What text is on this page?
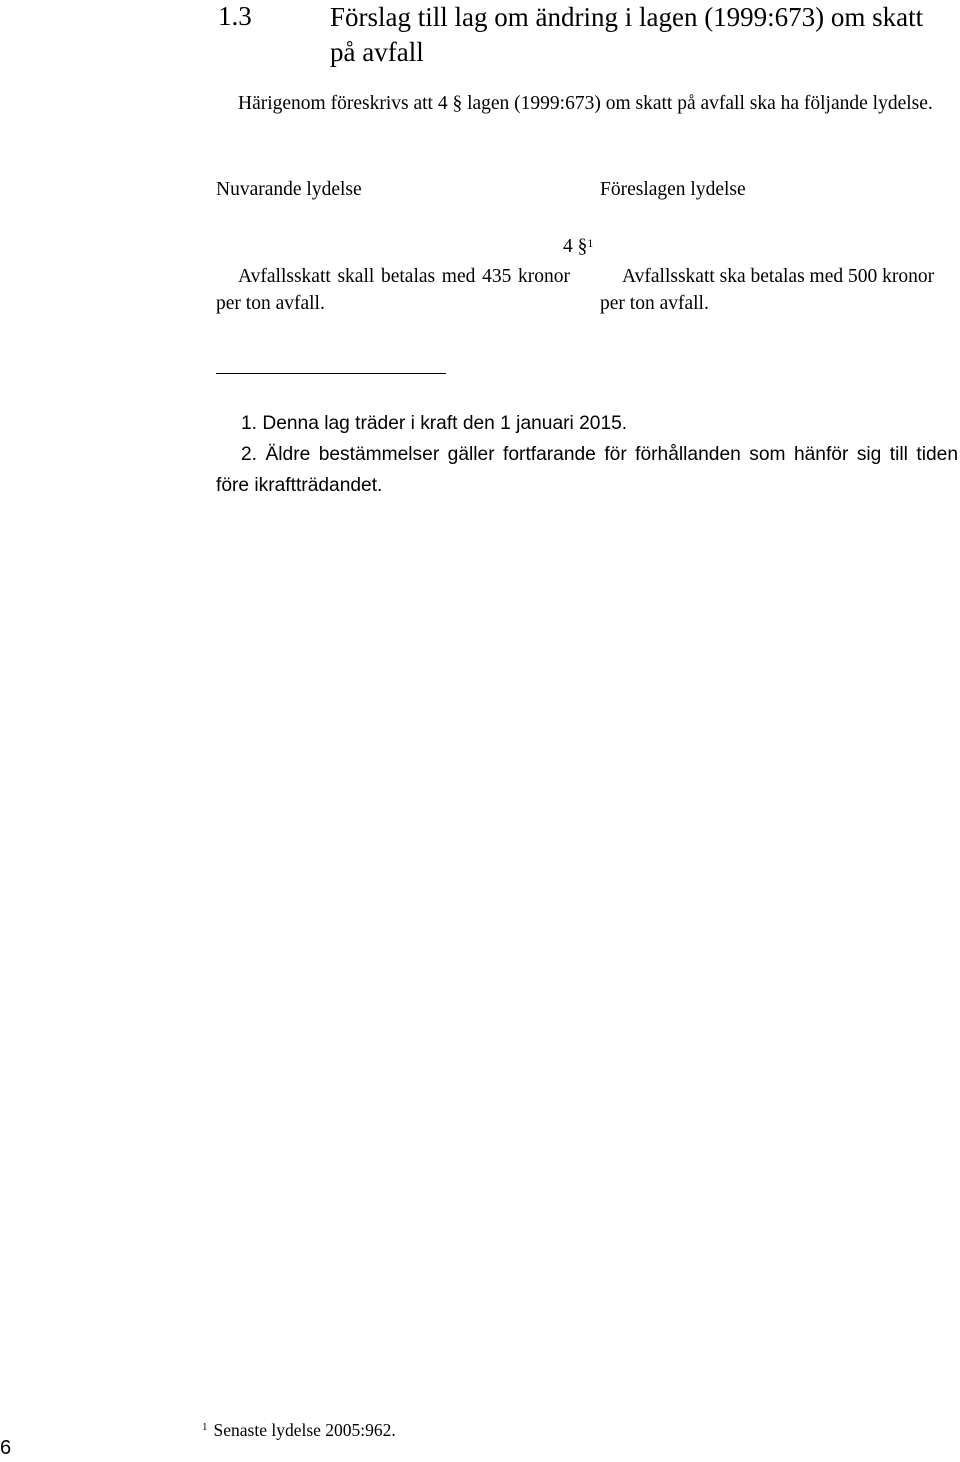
1.3	Förslag till lag om ändring i lagen (1999:673) om skatt på avfall
Härigenom föreskrivs att 4 § lagen (1999:673) om skatt på avfall ska ha följande lydelse.
Nuvarande lydelse	Föreslagen lydelse
4 §$^1$
Avfallsskatt skall betalas med 435 kronor per ton avfall.
Avfallsskatt ska betalas med 500 kronor per ton avfall.

1. Denna lag träder i kraft den 1 januari 2015.

2. Äldre bestämmelser gäller fortfarande för förhållanden som hänför sig till tiden före ikraftträdandet.

$^1$ Senaste lydelse 2005:962.
6
